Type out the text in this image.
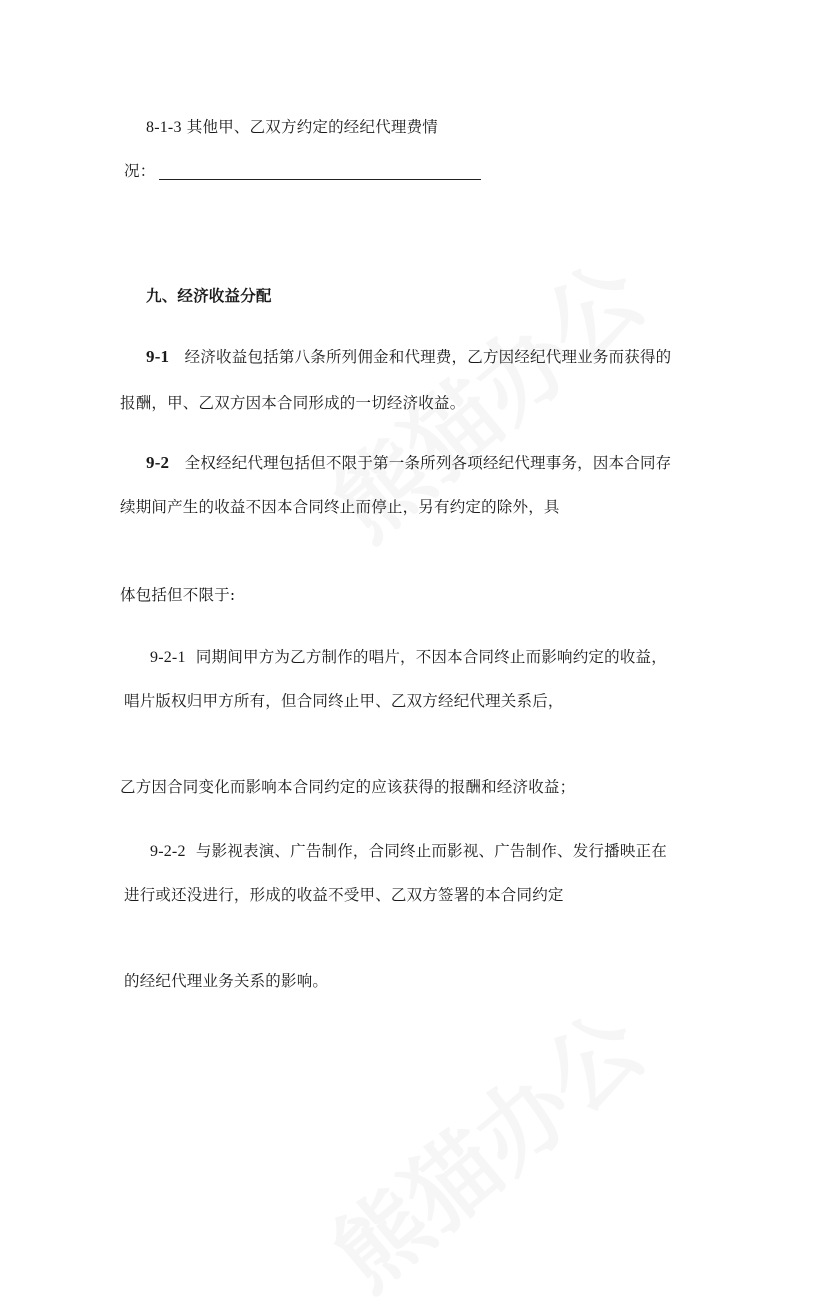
8-1-3 其他甲、乙双方约定的经纪代理费情
况：
九、经济收益分配
9-1 经济收益包括第八条所列佣金和代理费，乙方因经纪代理业务而获得的
报酬，甲、乙双方因本合同形成的一切经济收益。
9-2 全权经纪代理包括但不限于第一条所列各项经纪代理事务，因本合同存
续期间产生的收益不因本合同终止而停止，另有约定的除外，具
体包括但不限于:
9-2-1 同期间甲方为乙方制作的唱片，不因本合同终止而影响约定的收益，
唱片版权归甲方所有，但合同终止甲、乙双方经纪代理关系后，
乙方因合同变化而影响本合同约定的应该获得的报酬和经济收益；
9-2-2 与影视表演、广告制作，合同终止而影视、广告制作、发行播映正在
进行或还没进行，形成的收益不受甲、乙双方签署的本合同约定
的经纪代理业务关系的影响。
